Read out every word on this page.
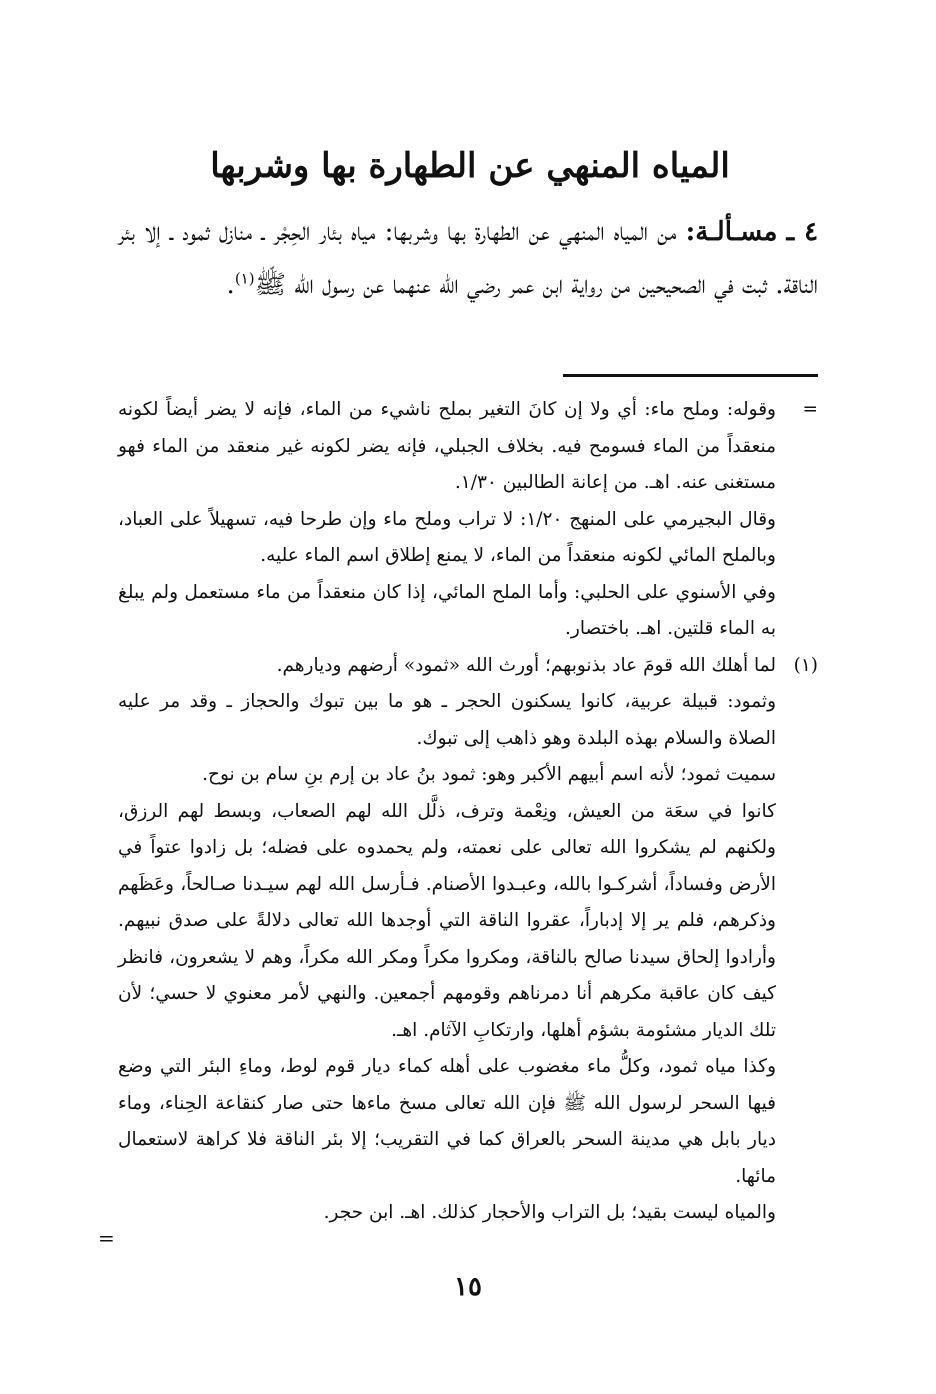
المياه المنهي عن الطهارة بها وشربها

٤ ـ مسـألـة: من المياه المنهي عن الطهارة بها وشربها: مياه بئار الحِجْر ـ منازل ثمود ـ إلا بئر الناقة. ثبت في الصحيحين من رواية ابن عمر رضي الله عنهما عن رسول الله ﷺ$^{(١)}$.

=

وقوله: وملح ماء: أي ولا إن كانَ التغير بملح ناشيء من الماء، فإنه لا يضر أيضاً لكونه منعقداً من الماء فسومح فيه. بخلاف الجبلي، فإنه يضر لكونه غير منعقد من الماء فهو مستغنى عنه. اهـ. من إعانة الطالبين ١/٣٠.

وقال البجيرمي على المنهج ١/٢٠: لا تراب وملح ماء وإن طرحا فيه، تسهيلاً على العباد، وبالملح المائي لكونه منعقداً من الماء، لا يمنع إطلاق اسم الماء عليه.

وفي الأسنوي على الحلبي: وأما الملح المائي، إذا كان منعقداً من ماء مستعمل ولم يبلغ به الماء قلتين. اهـ. باختصار.

(١)

لما أهلك الله قومَ عاد بذنوبهم؛ أورث الله «ثمود» أرضهم وديارهم.

وثمود: قبيلة عربية، كانوا يسكنون الحجر ـ هو ما بين تبوك والحجاز ـ وقد مر عليه الصلاة والسلام بهذه البلدة وهو ذاهب إلى تبوك.

سميت ثمود؛ لأنه اسم أبيهم الأكبر وهو: ثمود بنُ عاد بن إرم بنِ سام بن نوح.

كانوا في سعَة من العيش، ونِعْمة وترف، ذلَّل الله لهم الصعاب، وبسط لهم الرزق، ولكنهم لم يشكروا الله تعالى على نعمته، ولم يحمدوه على فضله؛ بل زادوا عتواً في الأرض وفساداً، أشركـوا بالله، وعبـدوا الأصنام. فـأرسل الله لهم سيـدنا صـالحاً، وعَظَهم وذكرهم، فلم ير إلا إدباراً، عقروا الناقة التي أوجدها الله تعالى دلالةً على صدق نبيهم. وأرادوا إلحاق سيدنا صالح بالناقة، ومكروا مكراً ومكر الله مكراً، وهم لا يشعرون، فانظر كيف كان عاقبة مكرهم أنا دمرناهم وقومهم أجمعين. والنهي لأمر معنوي لا حسي؛ لأن تلك الديار مشئومة بشؤم أهلها، وارتكابِ الآثام. اهـ.

وكذا مياه ثمود، وكلُّ ماء مغضوب على أهله كماء ديار قوم لوط، وماءِ البئر التي وضع فيها السحر لرسول الله ﷺ فإن الله تعالى مسخ ماءها حتى صار كنقاعة الحِناء، وماء ديار بابل هي مدينة السحر بالعراق كما في التقريب؛ إلا بئر الناقة فلا كراهة لاستعمال مائها.

والمياه ليست بقيد؛ بل التراب والأحجار كذلك. اهـ. ابن حجر.

=
١٥
